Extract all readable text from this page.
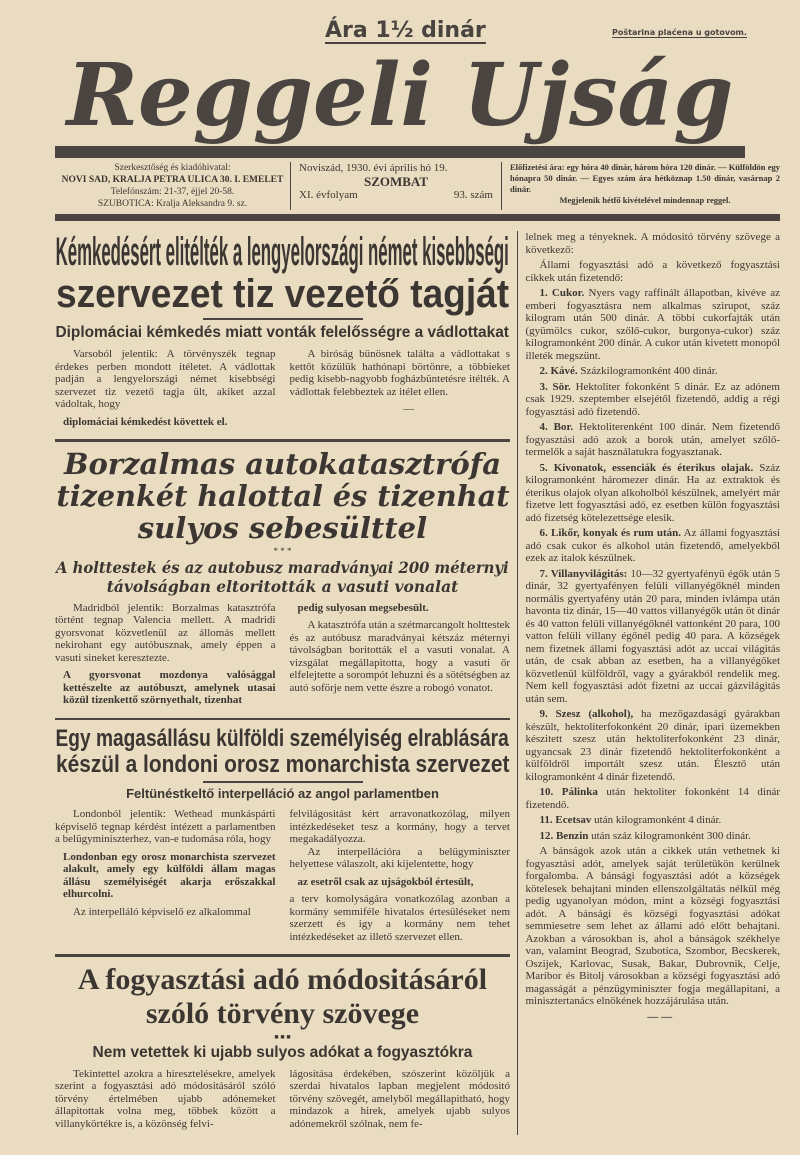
Ára 1½ dinár	Poštarina plaćena u gotovom.
Reggeli Ujság
Szerkesztőség és kiadóhivatal:
NOVI SAD, KRALJA PETRA ULICA 30. I. EMELET
Telefónszám: 21-37, éjjel 20-58.
SZUBOTICA: Kralja Aleksandra 9. sz.
Noviszád, 1930. évi április hó 19.
SZOMBAT
XI. évfolyam	93. szám
Előfizetési ára: egy hóra 40 dinár, három hóra 120 dinár. — Külföldön egy hónapra 50 dinár. — Egyes szám ára hétköznap 1.50 dinár, vasárnap 2 dinár.
Megjelenik hétfő kivételével mindennap reggel.
Kémkedésért elitélték a lengyelországi német kisebbségi
szervezet tiz vezető tagját
Diplomáciai kémkedés miatt vonták felelősségre a vádlottakat

Varsoból jelentik: A törvényszék tegnap érdekes perben mondott itéletet. A vádlottak padján a lengyelországi német kisebbségi szervezet tiz vezető tagja ült, akiket azzal vádoltak, hogy

diplomáciai kémkedést követtek el.

A biróság bünösnek találta a vádlottakat s kettőt közülük hathónapi börtönre, a többieket pedig kisebb-nagyobb fogházbüntetésre itélték. A vádlottak felebbeztek az itélet ellen.

—

Borzalmas autokatasztrófa
tizenkét halottal és tizenhat
sulyos sebesülttel
* * *
A holttestek és az autobusz maradványai 200 méternyi
távolságban eltoritották a vasuti vonalat

Madridból jelentik: Borzalmas katasztrófa történt tegnap Valencia mellett. A madridi gyorsvonat közvetlenül az állomás mellett nekirohant egy autóbusznak, amely éppen a vasuti sineket keresztezte.

A gyorsvonat mozdonya valósággal kettészelte az autóbuszt, amelynek utasai közül tizenkettő szörnyethalt, tizenhat

pedig sulyosan megsebesült.

A katasztrófa után a szétmarcangolt holttestek és az autóbusz maradványai kétszáz méternyi távolságban boritották el a vasuti vonalat. A vizsgálat megállapitotta, hogy a vasuti őr elfelejtette a sorompót lehuzni és a sötétségben az autó soförje nem vette észre a robogó vonatot.

Egy magasállásu külföldi személyiség elrablására
készül a londoni orosz monarchista szervezet
Feltünéstkeltő interpelláció az angol parlamentben

Londonból jelentik: Wethead munkáspárti képviselő tegnap kérdést intézett a parlamentben a belügyminiszterhez, van-e tudomása róla, hogy

Londonban egy orosz monarchista szervezet alakult, amely egy külföldi állam magas állásu személyiségét akarja erőszakkal elhurcolni.

Az interpelláló képviselő ez alkalommal

felvilágositást kért arravonatkozólag, milyen intézkedéseket tesz a kormány, hogy a tervet megakadályozza.

Az interpellációra a belügyminiszter helyettese válaszolt, aki kijelentette, hogy

az esetről csak az ujságokból értesült,

a terv komolyságára vonatkozólag azonban a kormány semmiféle hivatalos értesüléseket nem szerzett és igy a kormány nem tehet intézkedéseket az illető szervezet ellen.

A fogyasztási adó módositásáról
szóló törvény szövege
■ ■ ■
Nem vetettek ki ujabb sulyos adókat a fogyasztókra

Tekintettel azokra a hiresztelésekre, amelyek szerint a fogyasztási adó módositásáról szóló törvény értelmében ujabb adónemeket állapitottak volna meg, többek között a villanykörtékre is, a közönség felvi-

lágositása érdekében, szószerint közöljük a szerdai hivatalos lapban megjelent módositó törvény szövegét, amelyből megállapitható, hogy mindazok a hirek, amelyek ujabb sulyos adónemekről szólnak, nem fe-

lelnek meg a tényeknek. A módositó törvény szövege a következő:

Állami fogyasztási adó a következő fogyasztási cikkek után fizetendő:

1. Cukor. Nyers vagy raffinált állapotban, kivéve az emberi fogyasztásra nem alkalmas szirupot, száz kilogram után 500 dinár. A többi cukorfajták után (gyümölcs cukor, szőlő-cukor, burgonya-cukor) száz kilogramonként 200 dinár. A cukor után kivetett monopól illeték megszünt.

2. Kávé. Százkilogramonként 400 dinár.

3. Sör. Hektoliter fokonként 5 dinár. Ez az adónem csak 1929. szeptember elsejétől fizetendő, addig a régi fogyasztási adó fizetendő.

4. Bor. Hektoliterenként 100 dinár. Nem fizetendő fogyasztási adó azok a borok után, amelyet szőlő-termelők a saját használatukra fogyasztanak.

5. Kivonatok, essenciák és éterikus olajak. Száz kilogramonként háromezer dinár. Ha az extraktok és éterikus olajok olyan alkoholból készülnek, amelyért már fizetve lett fogyasztási adó, ez esetben külön fogyasztási adó fizetség kötelezettsége elesik.

6. Likőr, konyak és rum után. Az állami fogyasztási adó csak cukor és alkohol után fizetendő, amelyekből ezek az italok készülnek.

7. Villanyvilágitás: 10—32 gyertyafényü égők után 5 dinár, 32 gyertyafényen felüli villanyégőknél minden normális gyertyafény után 20 para, minden ivlámpa után havonta tiz dinár, 15—40 vattos villanyégők után öt dinár és 40 vatton felüli villanyégőknél vattonként 20 para, 100 vatton felüli villany égőnél pedig 40 para. A községek nem fizetnek állami fogyasztási adót az uccai világitás után, de csak abban az esetben, ha a villanyégőket közvetlenül külföldről, vagy a gyárakból rendelik meg. Nem kell fogyasztási adót fizetni az uccai gázvilágitás után sem.

9. Szesz (alkohol), ha mezőgazdasági gyárakban készült, hektoliterfokonként 20 dinár, ipari üzemekben készitett szesz után hektoliterfokonként 23 dinár, ugyancsak 23 dinár fizetendő hektoliterfokonként a külföldről importált szesz után. Élesztő után kilogramonként 4 dinár fizetendő.

10. Pálinka után hektoliter fokonként 14 dinár fizetendő.

11. Ecetsav után kilogramonként 4 dinár.

12. Benzin után száz kilogramonként 300 dinár.

A bánságok azok után a cikkek után vethetnek ki fogyasztási adót, amelyek saját területükön kerülnek forgalomba. A bánsági fogyasztási adót a községek kötelesek behajtani minden ellenszolgáltatás nélkül még pedig ugyanolyan módon, mint a községi fogyasztási adót. A bánsági és községi fogyasztási adókat semmiesetre sem lehet az állami adó előtt behajtani. Azokban a városokban is, ahol a bánságok székhelye van, valamint Beograd, Szubotica, Szombor, Becskerek, Oszijek, Karlovac, Susak, Bakar, Dubrovnik, Celje, Maribor és Bitolj városokban a községi fogyasztási adó magasságát a pénzügyminiszter fogja megállapitani, a minisztertanács elnökének hozzájárulása után.

— —
